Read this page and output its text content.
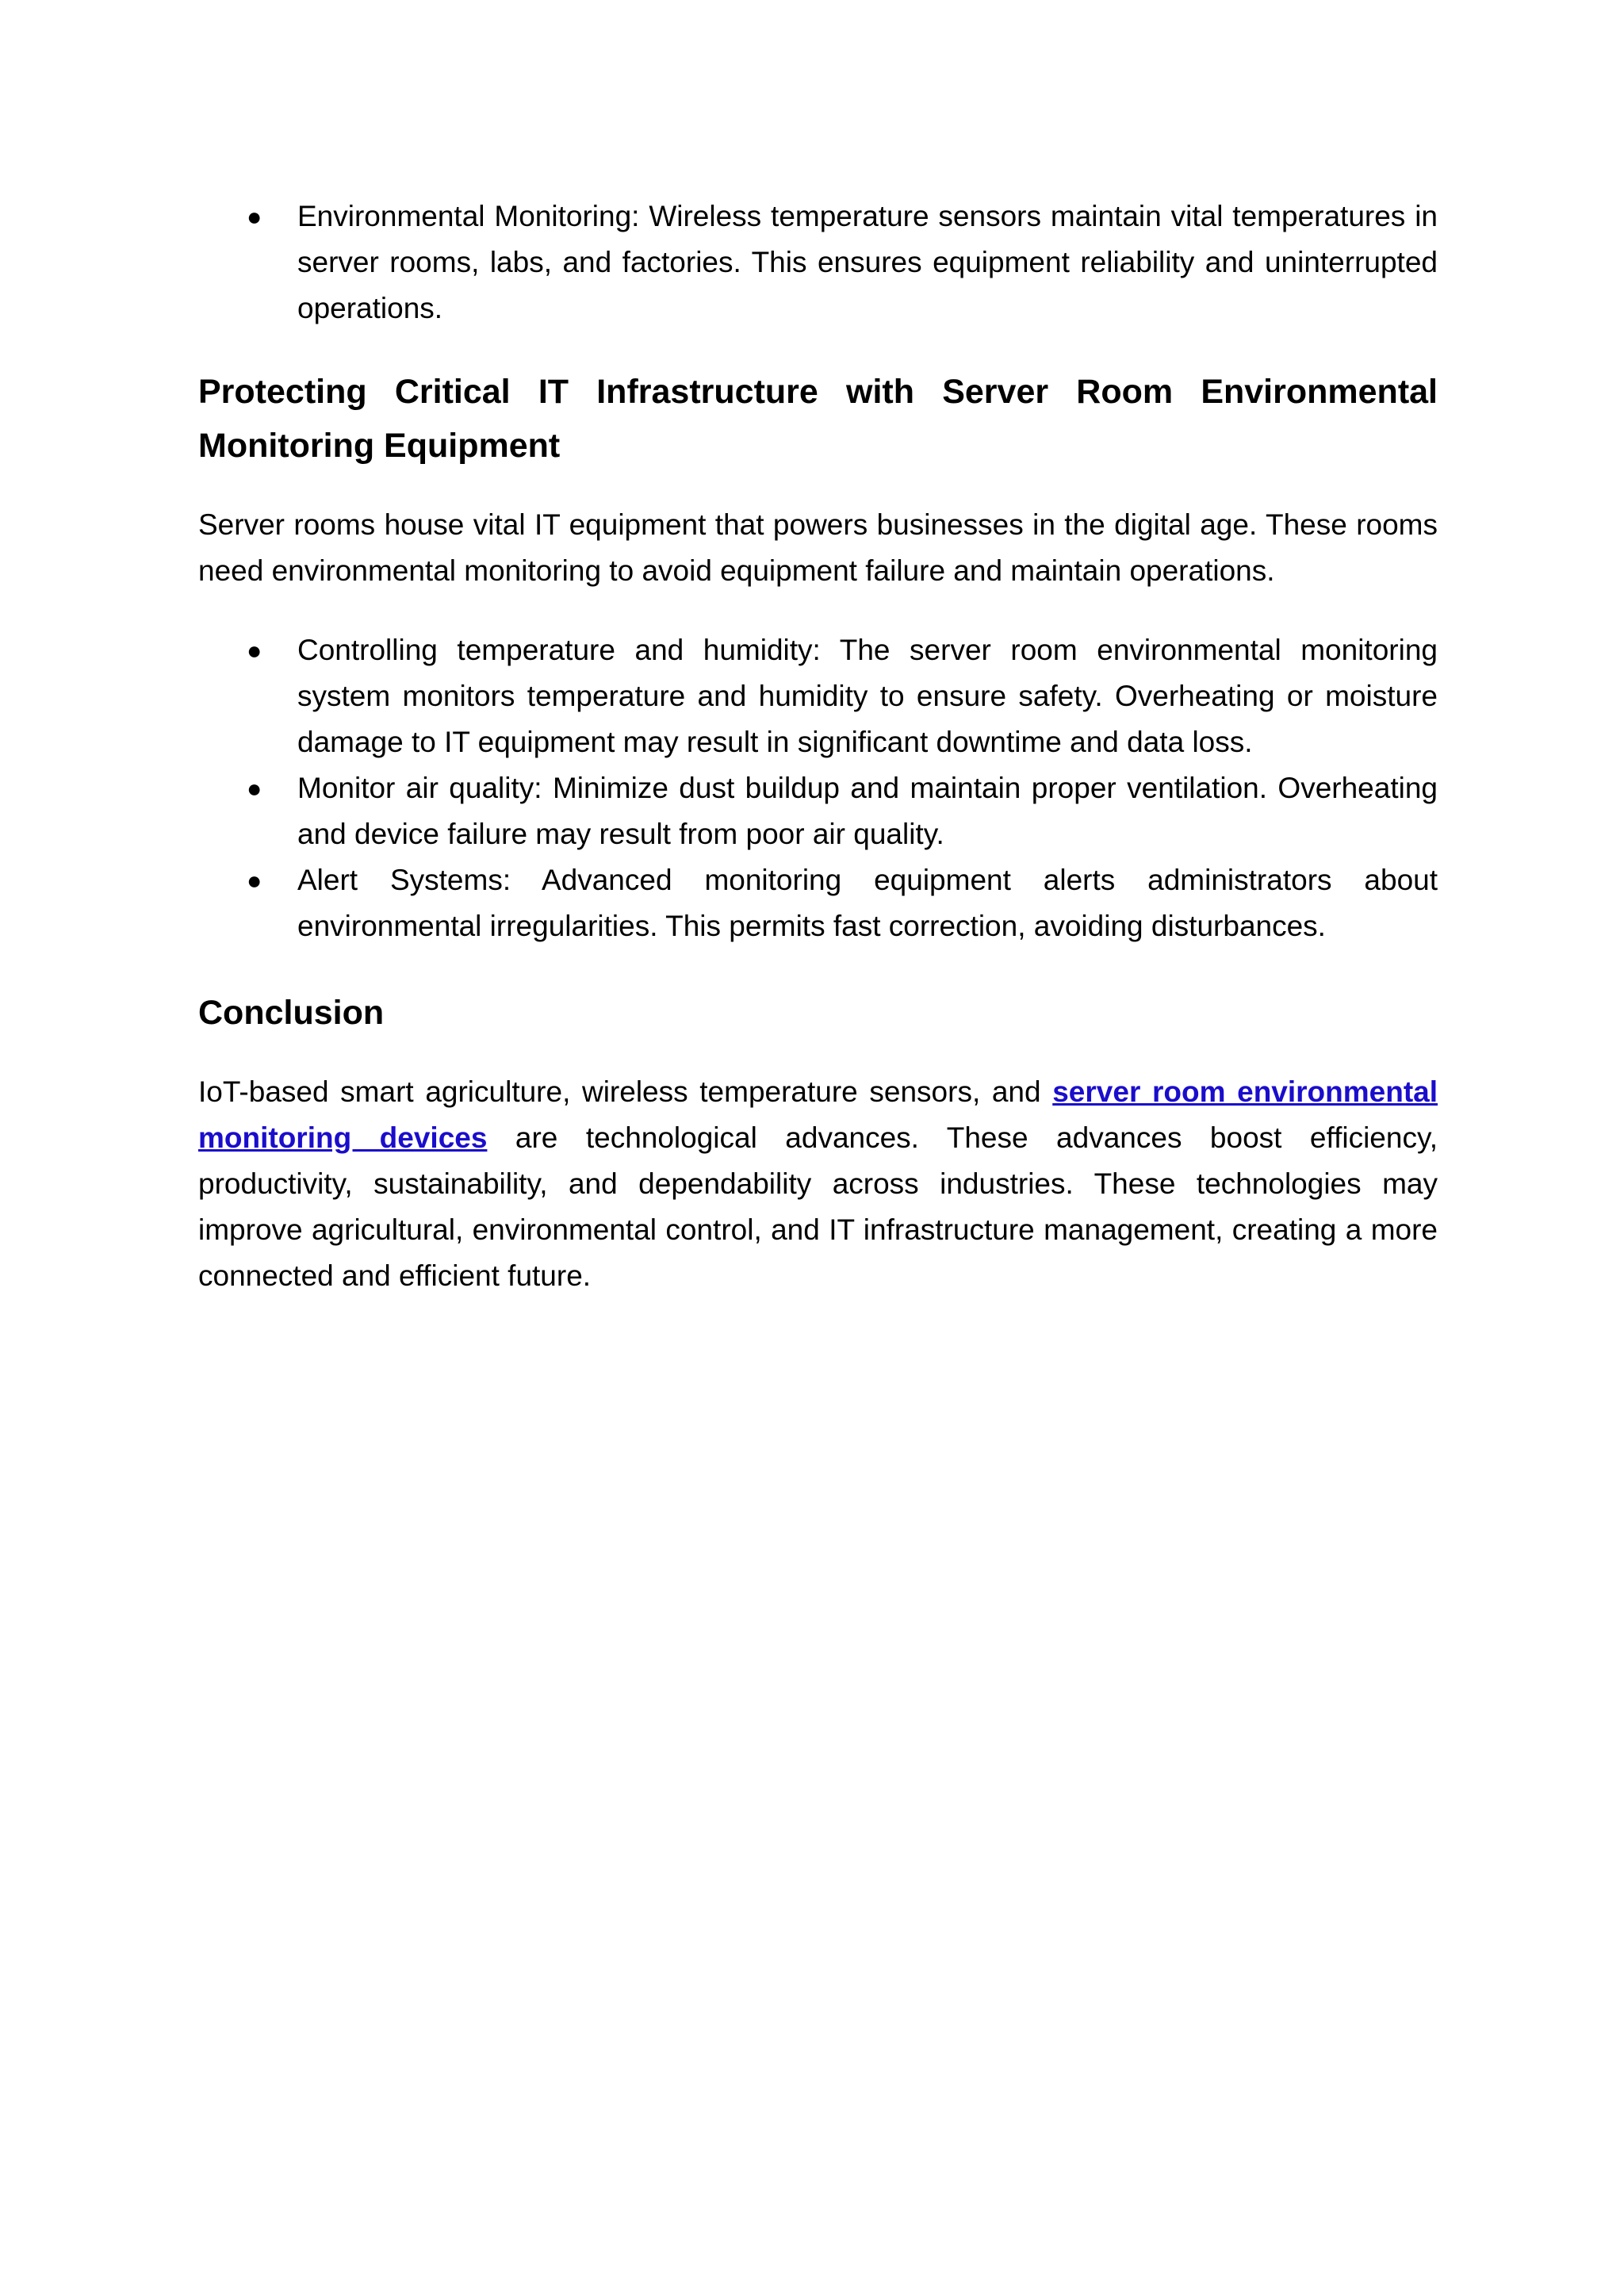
● Environmental Monitoring: Wireless temperature sensors maintain vital temperatures in server rooms, labs, and factories. This ensures equipment reliability and uninterrupted operations.
Protecting Critical IT Infrastructure with Server Room Environmental Monitoring Equipment

Server rooms house vital IT equipment that powers businesses in the digital age. These rooms need environmental monitoring to avoid equipment failure and maintain operations.

● Controlling temperature and humidity: The server room environmental monitoring system monitors temperature and humidity to ensure safety. Overheating or moisture damage to IT equipment may result in significant downtime and data loss.
● Monitor air quality: Minimize dust buildup and maintain proper ventilation. Overheating and device failure may result from poor air quality.
● Alert Systems: Advanced monitoring equipment alerts administrators about environmental irregularities. This permits fast correction, avoiding disturbances.
Conclusion

IoT-based smart agriculture, wireless temperature sensors, and server room environmental monitoring devices are technological advances. These advances boost efficiency, productivity, sustainability, and dependability across industries. These technologies may improve agricultural, environmental control, and IT infrastructure management, creating a more connected and efficient future.
